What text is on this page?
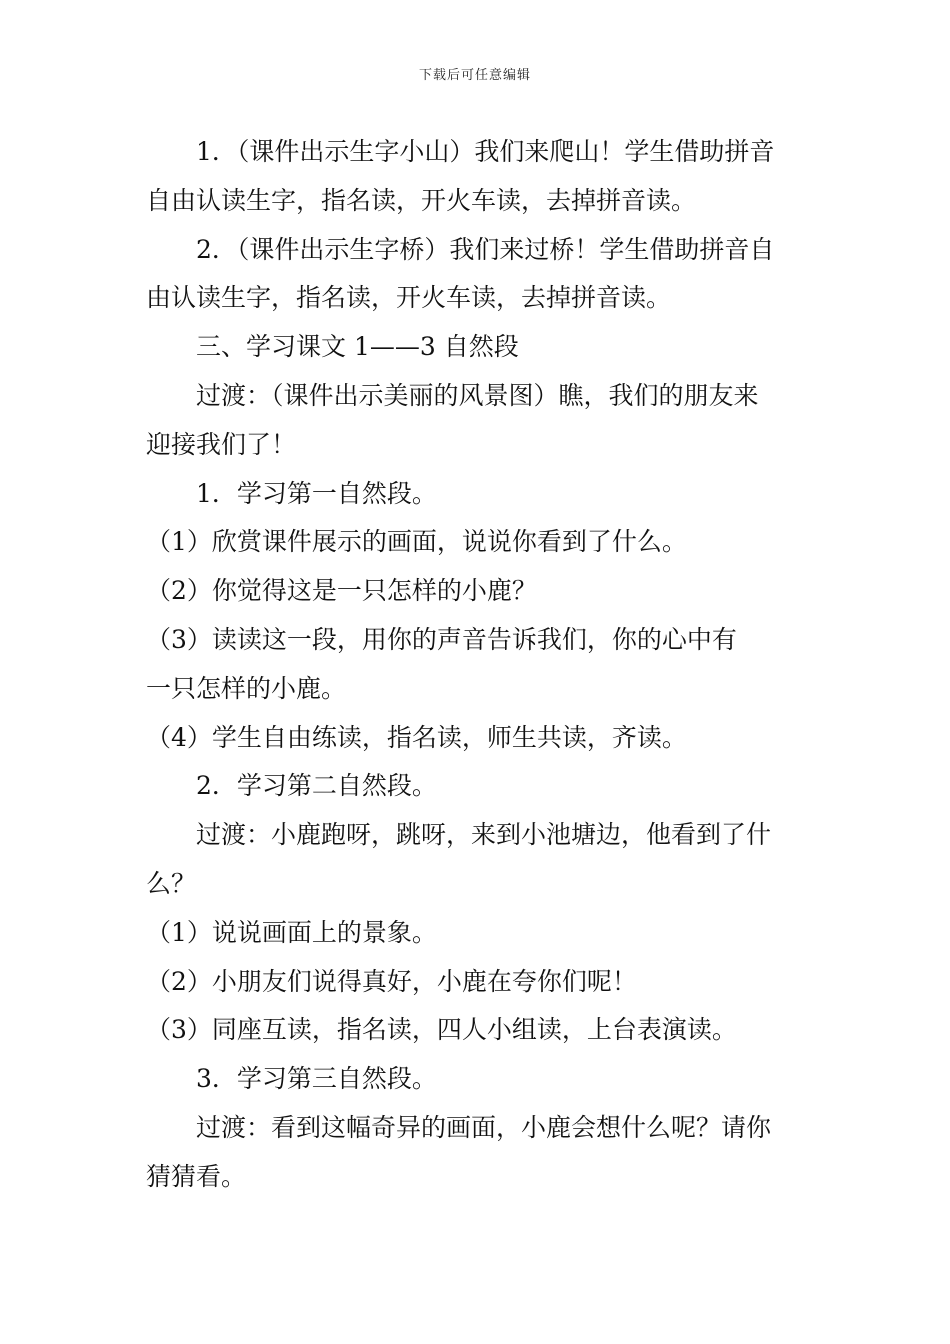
下载后可任意编辑

1．（课件出示生字小山）我们来爬山！学生借助拼音

自由认读生字，指名读，开火车读，去掉拼音读。

2．（课件出示生字桥）我们来过桥！学生借助拼音自

由认读生字，指名读，开火车读，去掉拼音读。

三、学习课文 1——3 自然段

过渡：（课件出示美丽的风景图）瞧，我们的朋友来

迎接我们了！

1．学习第一自然段。

（1）欣赏课件展示的画面，说说你看到了什么。

（2）你觉得这是一只怎样的小鹿？

（3）读读这一段，用你的声音告诉我们，你的心中有

一只怎样的小鹿。

（4）学生自由练读，指名读，师生共读，齐读。

2．学习第二自然段。

过渡：小鹿跑呀，跳呀，来到小池塘边，他看到了什

么？

（1）说说画面上的景象。

（2）小朋友们说得真好，小鹿在夸你们呢！

（3）同座互读，指名读，四人小组读，上台表演读。

3．学习第三自然段。

过渡：看到这幅奇异的画面，小鹿会想什么呢？请你

猜猜看。
